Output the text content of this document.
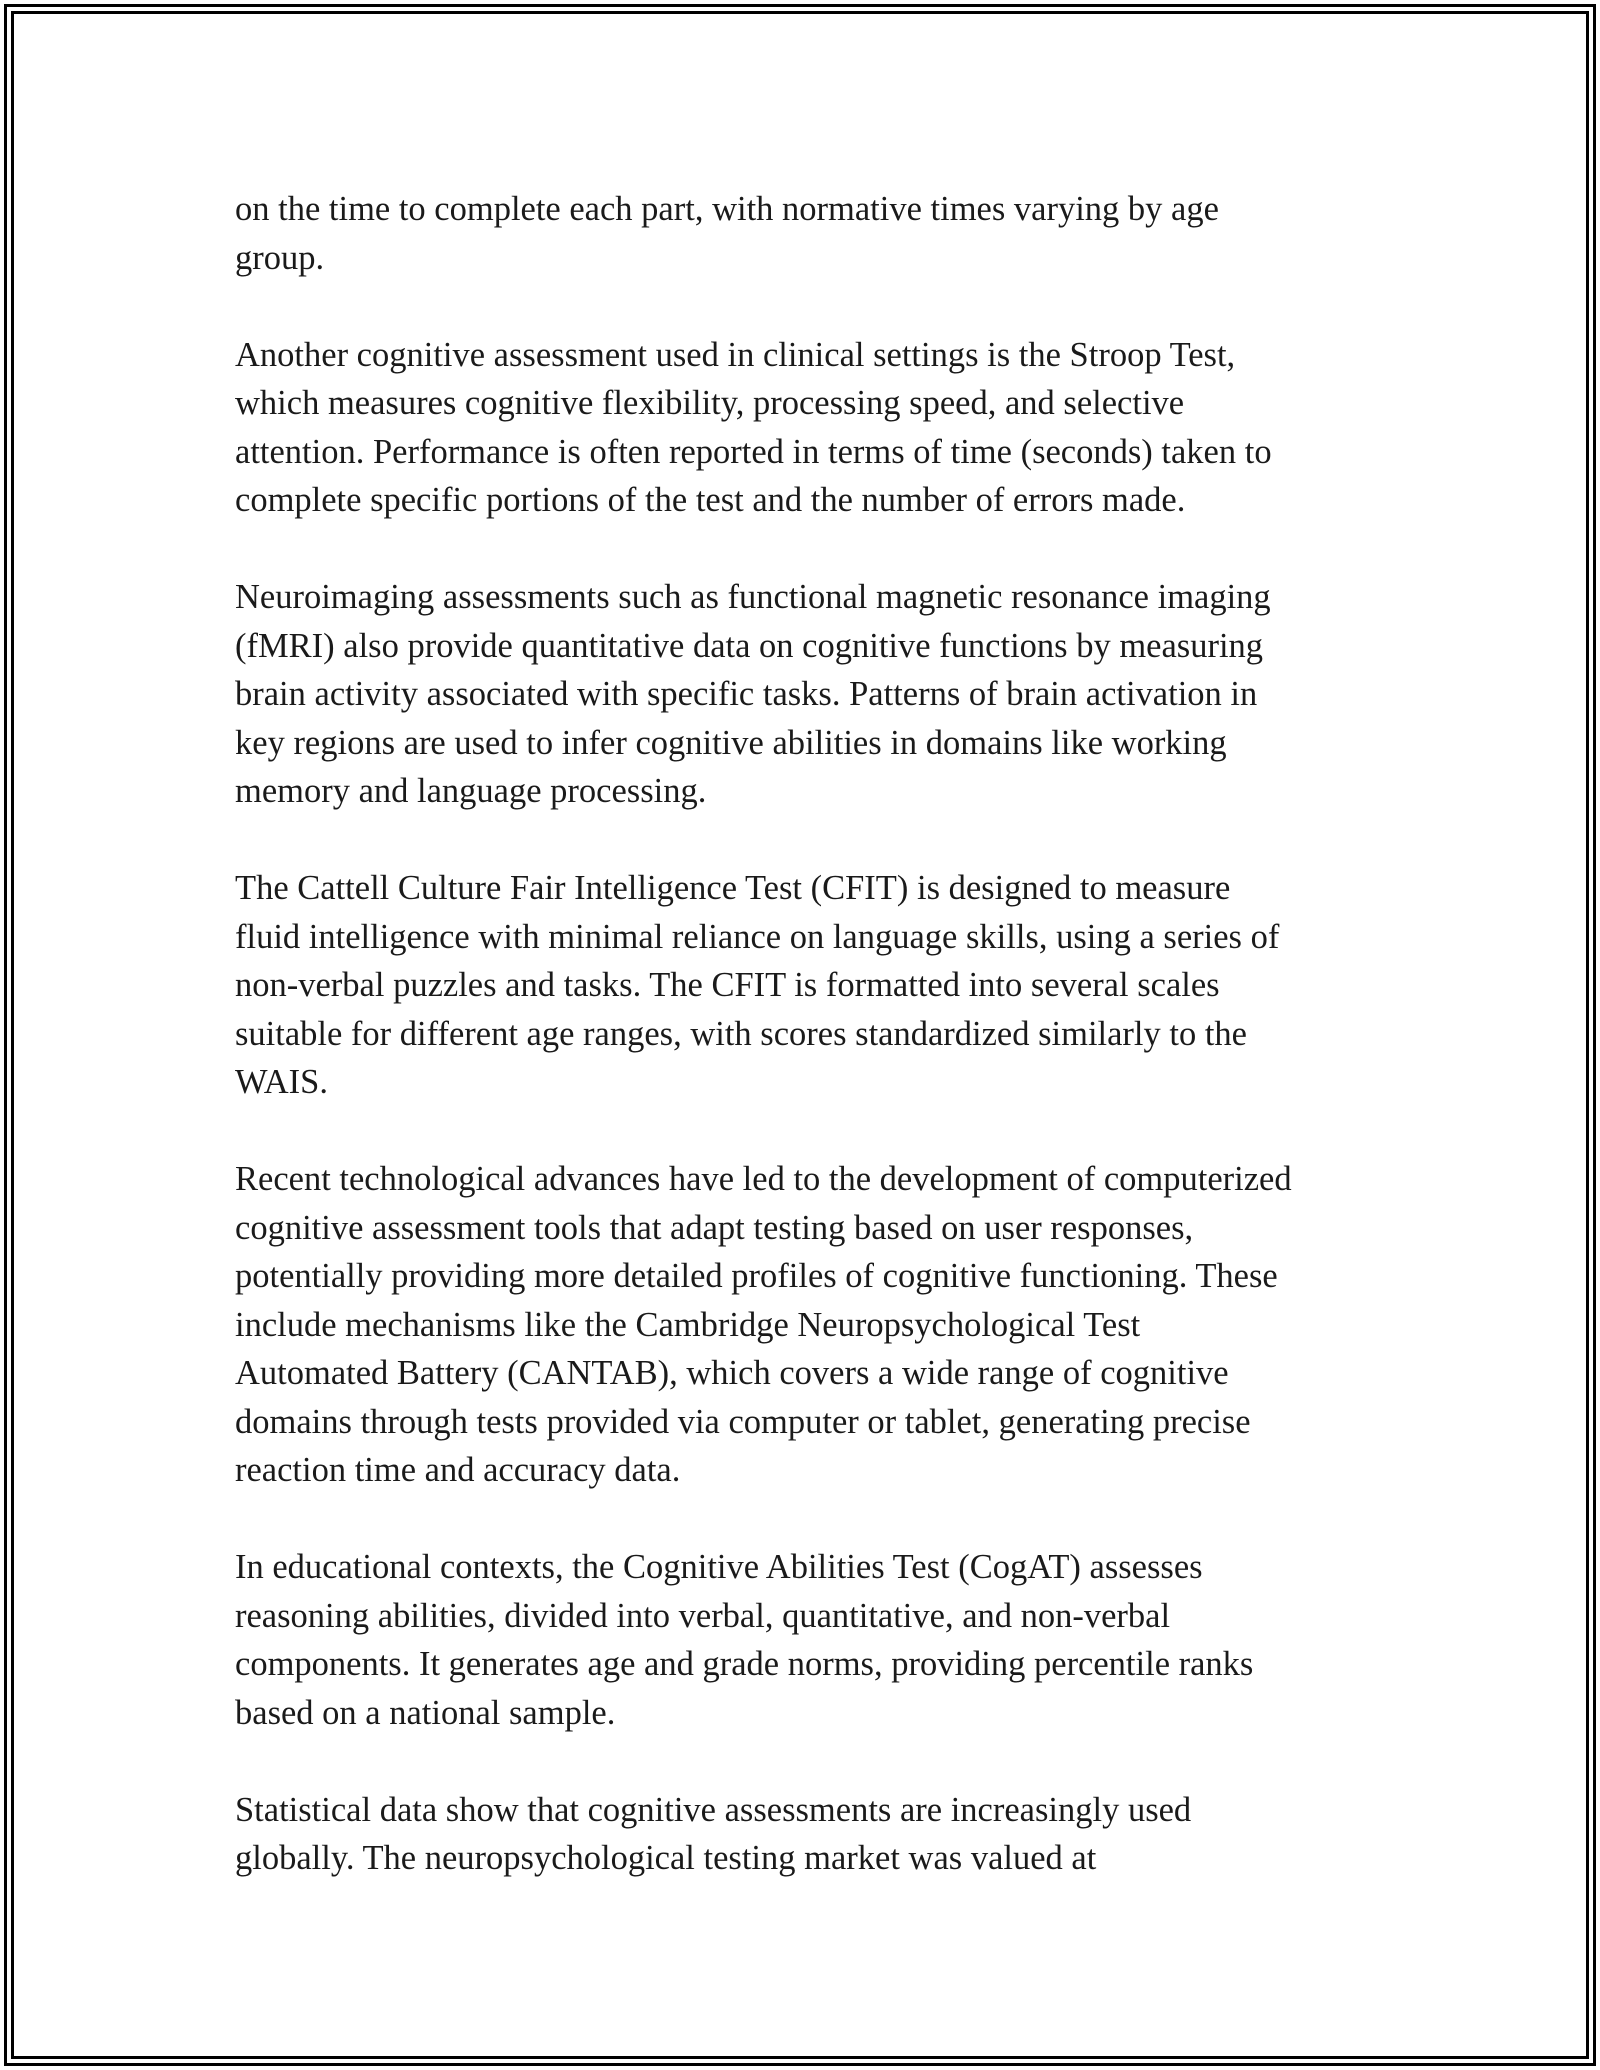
on the time to complete each part, with normative times varying by age
group.

Another cognitive assessment used in clinical settings is the Stroop Test,
which measures cognitive flexibility, processing speed, and selective
attention. Performance is often reported in terms of time (seconds) taken to
complete specific portions of the test and the number of errors made.

Neuroimaging assessments such as functional magnetic resonance imaging
(fMRI) also provide quantitative data on cognitive functions by measuring
brain activity associated with specific tasks. Patterns of brain activation in
key regions are used to infer cognitive abilities in domains like working
memory and language processing.

The Cattell Culture Fair Intelligence Test (CFIT) is designed to measure
fluid intelligence with minimal reliance on language skills, using a series of
non-verbal puzzles and tasks. The CFIT is formatted into several scales
suitable for different age ranges, with scores standardized similarly to the
WAIS.

Recent technological advances have led to the development of computerized
cognitive assessment tools that adapt testing based on user responses,
potentially providing more detailed profiles of cognitive functioning. These
include mechanisms like the Cambridge Neuropsychological Test
Automated Battery (CANTAB), which covers a wide range of cognitive
domains through tests provided via computer or tablet, generating precise
reaction time and accuracy data.

In educational contexts, the Cognitive Abilities Test (CogAT) assesses
reasoning abilities, divided into verbal, quantitative, and non-verbal
components. It generates age and grade norms, providing percentile ranks
based on a national sample.

Statistical data show that cognitive assessments are increasingly used
globally. The neuropsychological testing market was valued at
